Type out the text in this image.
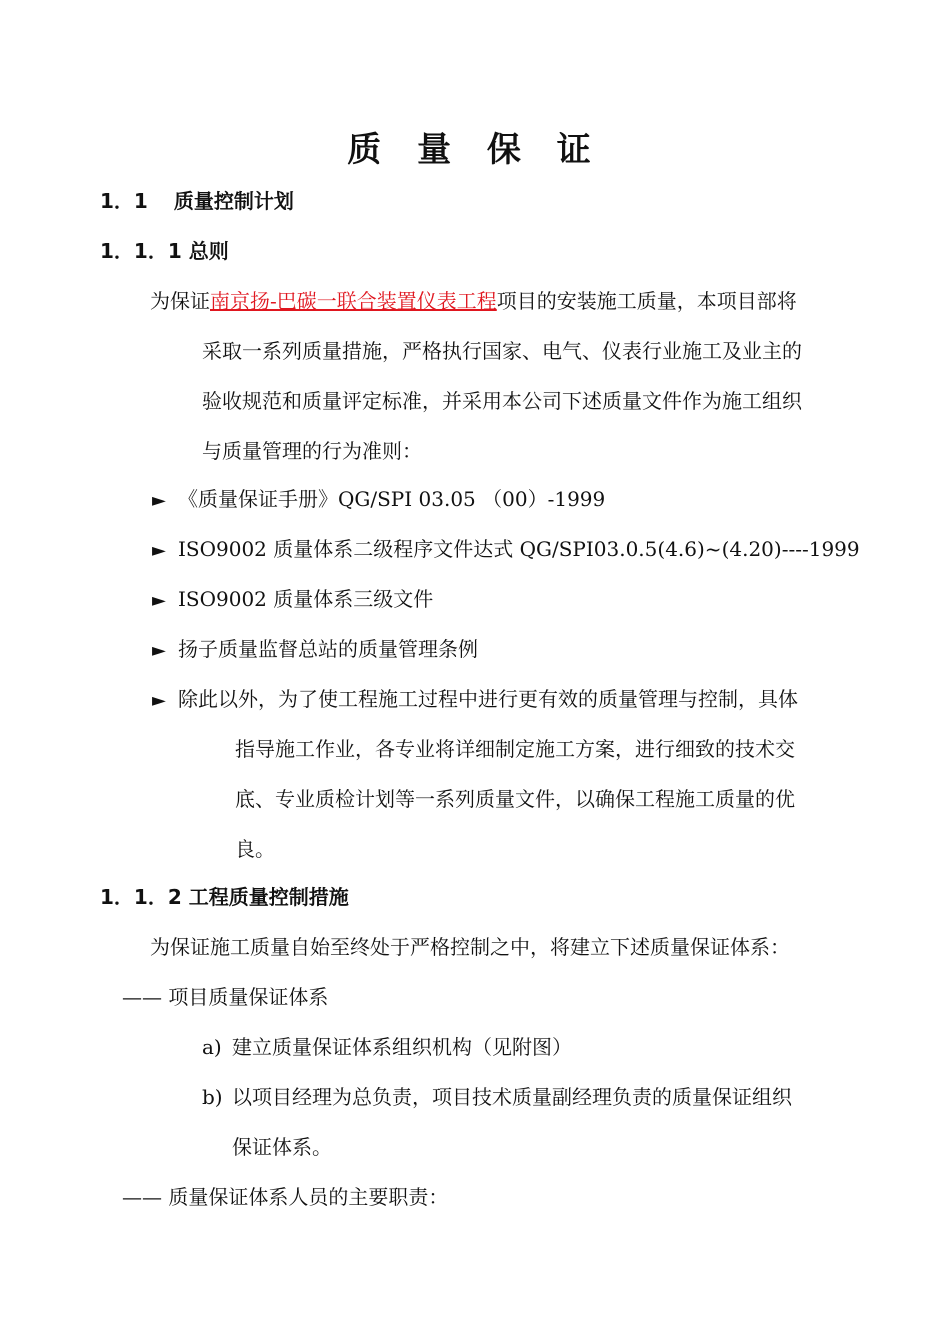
质 量 保 证
1．1 质量控制计划
1．1．1 总则
为保证南京扬-巴碳一联合装置仪表工程项目的安装施工质量，本项目部将
采取一系列质量措施，严格执行国家、电气、仪表行业施工及业主的
验收规范和质量评定标准，并采用本公司下述质量文件作为施工组织
与质量管理的行为准则：
► 《质量保证手册》QG/SPI 03.05 （00）-1999
► ISO9002 质量体系二级程序文件达式 QG/SPI03.0.5(4.6)~(4.20)----1999
► ISO9002 质量体系三级文件
► 扬子质量监督总站的质量管理条例
► 除此以外，为了使工程施工过程中进行更有效的质量管理与控制，具体
指导施工作业，各专业将详细制定施工方案，进行细致的技术交
底、专业质检计划等一系列质量文件，以确保工程施工质量的优
良。
1．1．2 工程质量控制措施
为保证施工质量自始至终处于严格控制之中，将建立下述质量保证体系：
—— 项目质量保证体系
a) 建立质量保证体系组织机构（见附图）
b) 以项目经理为总负责，项目技术质量副经理负责的质量保证组织
保证体系。
—— 质量保证体系人员的主要职责：
